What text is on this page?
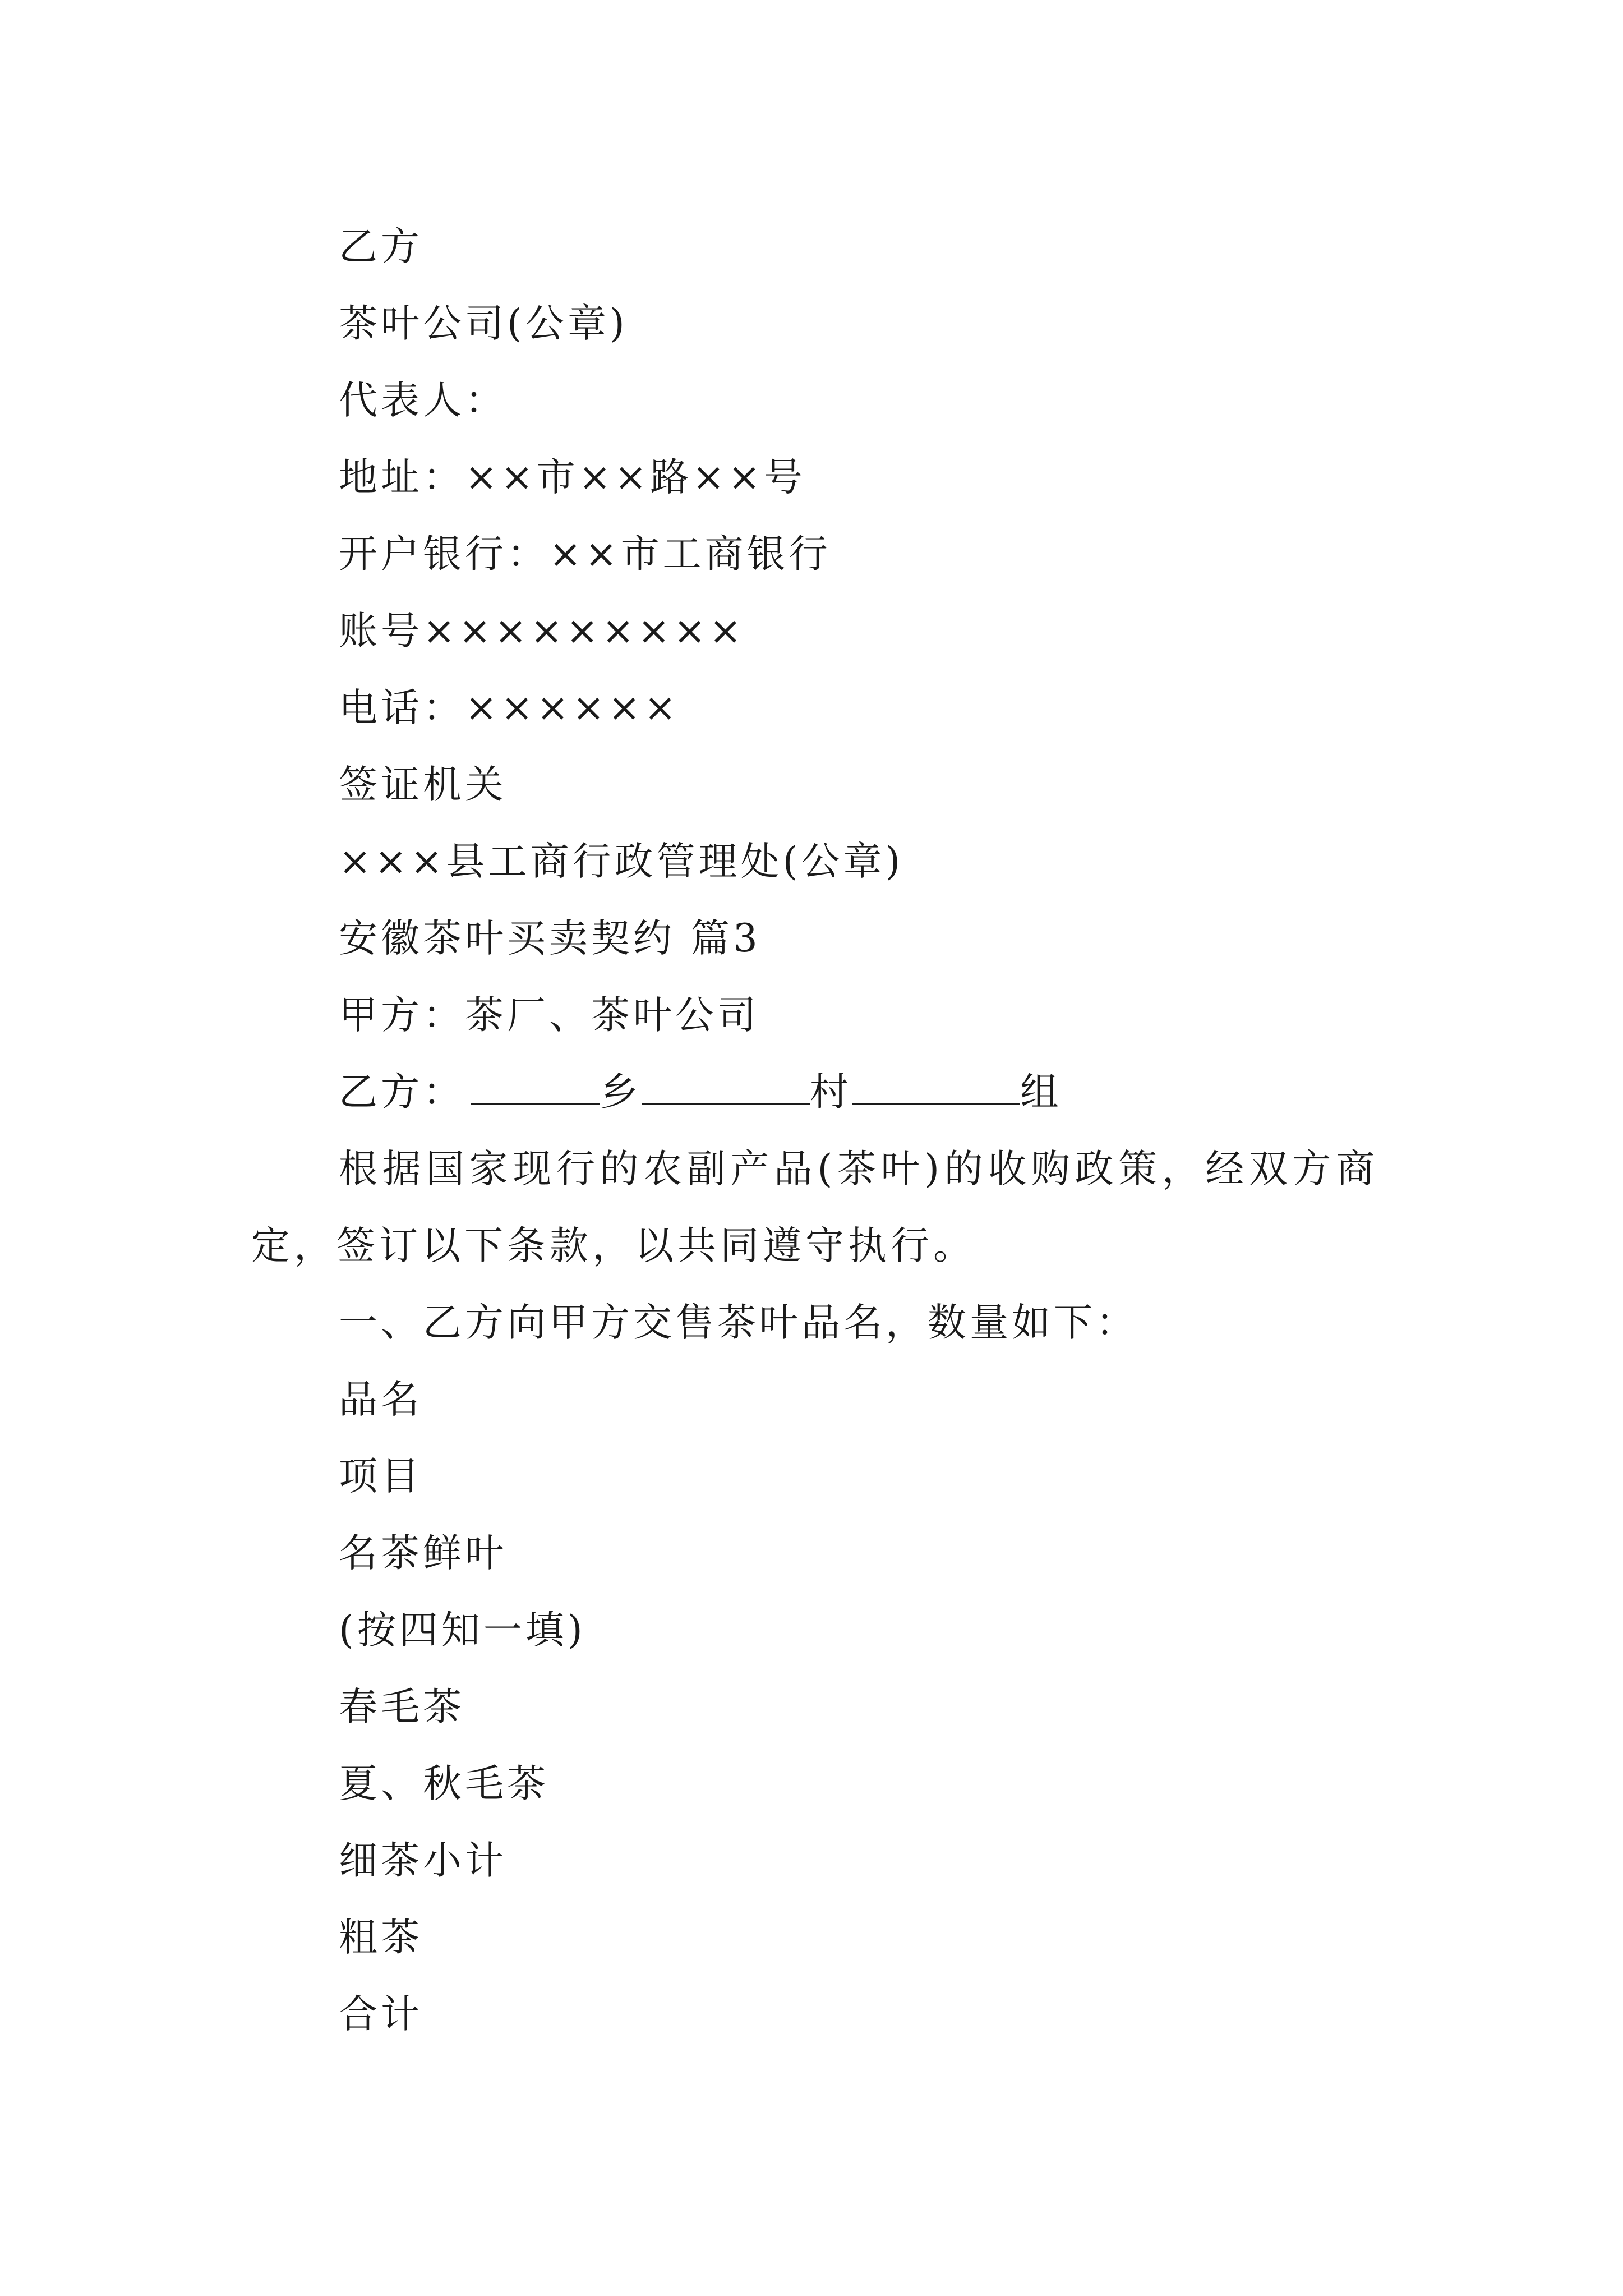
乙方
茶叶公司(公章)
代表人：
地址：××市××路××号
开户银行：××市工商银行
账号×××××××××
电话：××××××
签证机关
×××县工商行政管理处(公章)
安徽茶叶买卖契约 篇3
甲方：茶厂、茶叶公司
乙方：	乡	村	组
根据国家现行的农副产品(茶叶)的收购政策，经双方商定，签订以下条款，以共同遵守执行。
一、乙方向甲方交售茶叶品名，数量如下：
品名
项目
名茶鲜叶
(按四知一填)
春毛茶
夏、秋毛茶
细茶小计
粗茶
合计
